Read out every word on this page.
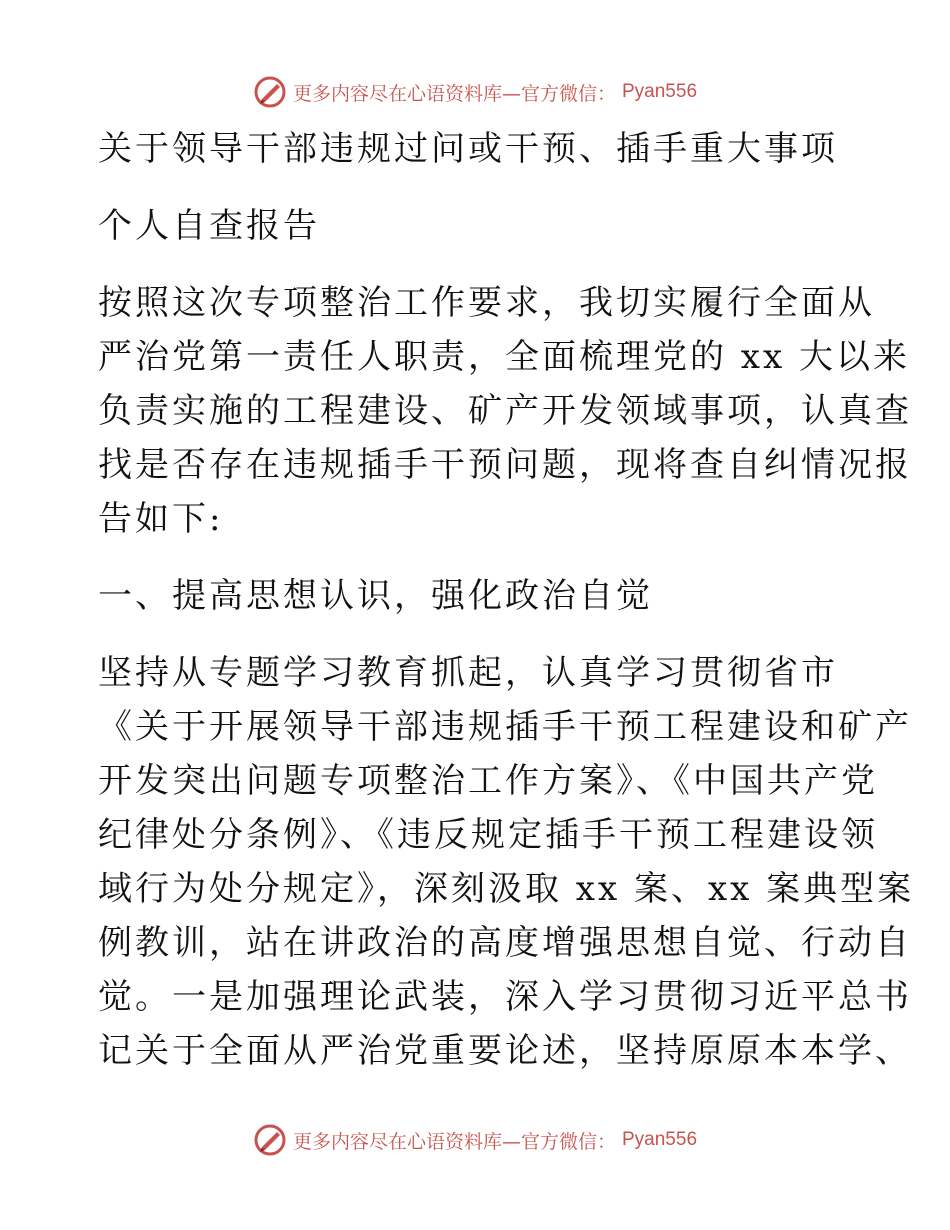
更多内容尽在心语资料库—官方微信： Pyan556
关于领导干部违规过问或干预、插手重大事项
个人自查报告
按照这次专项整治工作要求，我切实履行全面从
严治党第一责任人职责，全面梳理党的 xx 大以来
负责实施的工程建设、矿产开发领域事项，认真查
找是否存在违规插手干预问题，现将查自纠情况报
告如下:
一、提高思想认识，强化政治自觉
坚持从专题学习教育抓起，认真学习贯彻省市
《关于开展领导干部违规插手干预工程建设和矿产
开发突出问题专项整治工作方案》、《中国共产党
纪律处分条例》、《违反规定插手干预工程建设领
域行为处分规定》，深刻汲取 xx 案、xx 案典型案
例教训，站在讲政治的高度增强思想自觉、行动自
觉。一是加强理论武装，深入学习贯彻习近平总书
记关于全面从严治党重要论述，坚持原原本本学、
更多内容尽在心语资料库—官方微信： Pyan556
